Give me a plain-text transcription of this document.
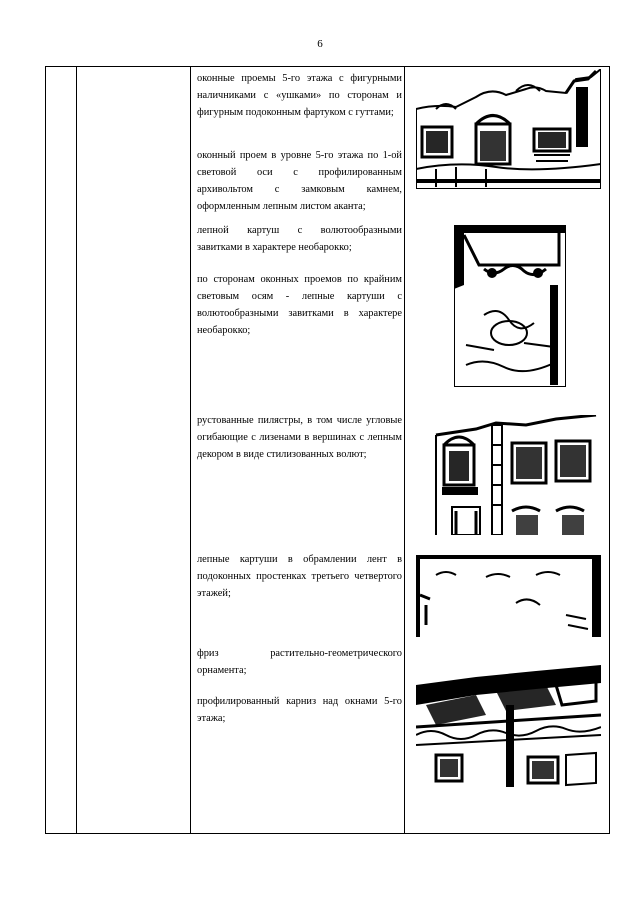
6
оконные проемы 5-го этажа с фигурными наличниками с «ушками» по сторонам и фигурным подоконным фартуком с гуттами;
оконный проем в уровне 5-го этажа по 1-ой световой оси с профилированным архивольтом с замковым камнем, оформленным лепным листом аканта;
лепной картуш с волютообразными завитками в характере необарокко;
по сторонам оконных проемов по крайним световым осям - лепные картуши с волютообразными завитками в характере необарокко;
рустованные пилястры, в том числе угловые огибающие с лизенами в вершинах с лепным декором в виде стилизованных волют;
лепные картуши в обрамлении лент в подоконных простенках третьего четвертого этажей;
фриз растительно-геометрического орнамента;
профилированный карниз над окнами 5-го этажа;
